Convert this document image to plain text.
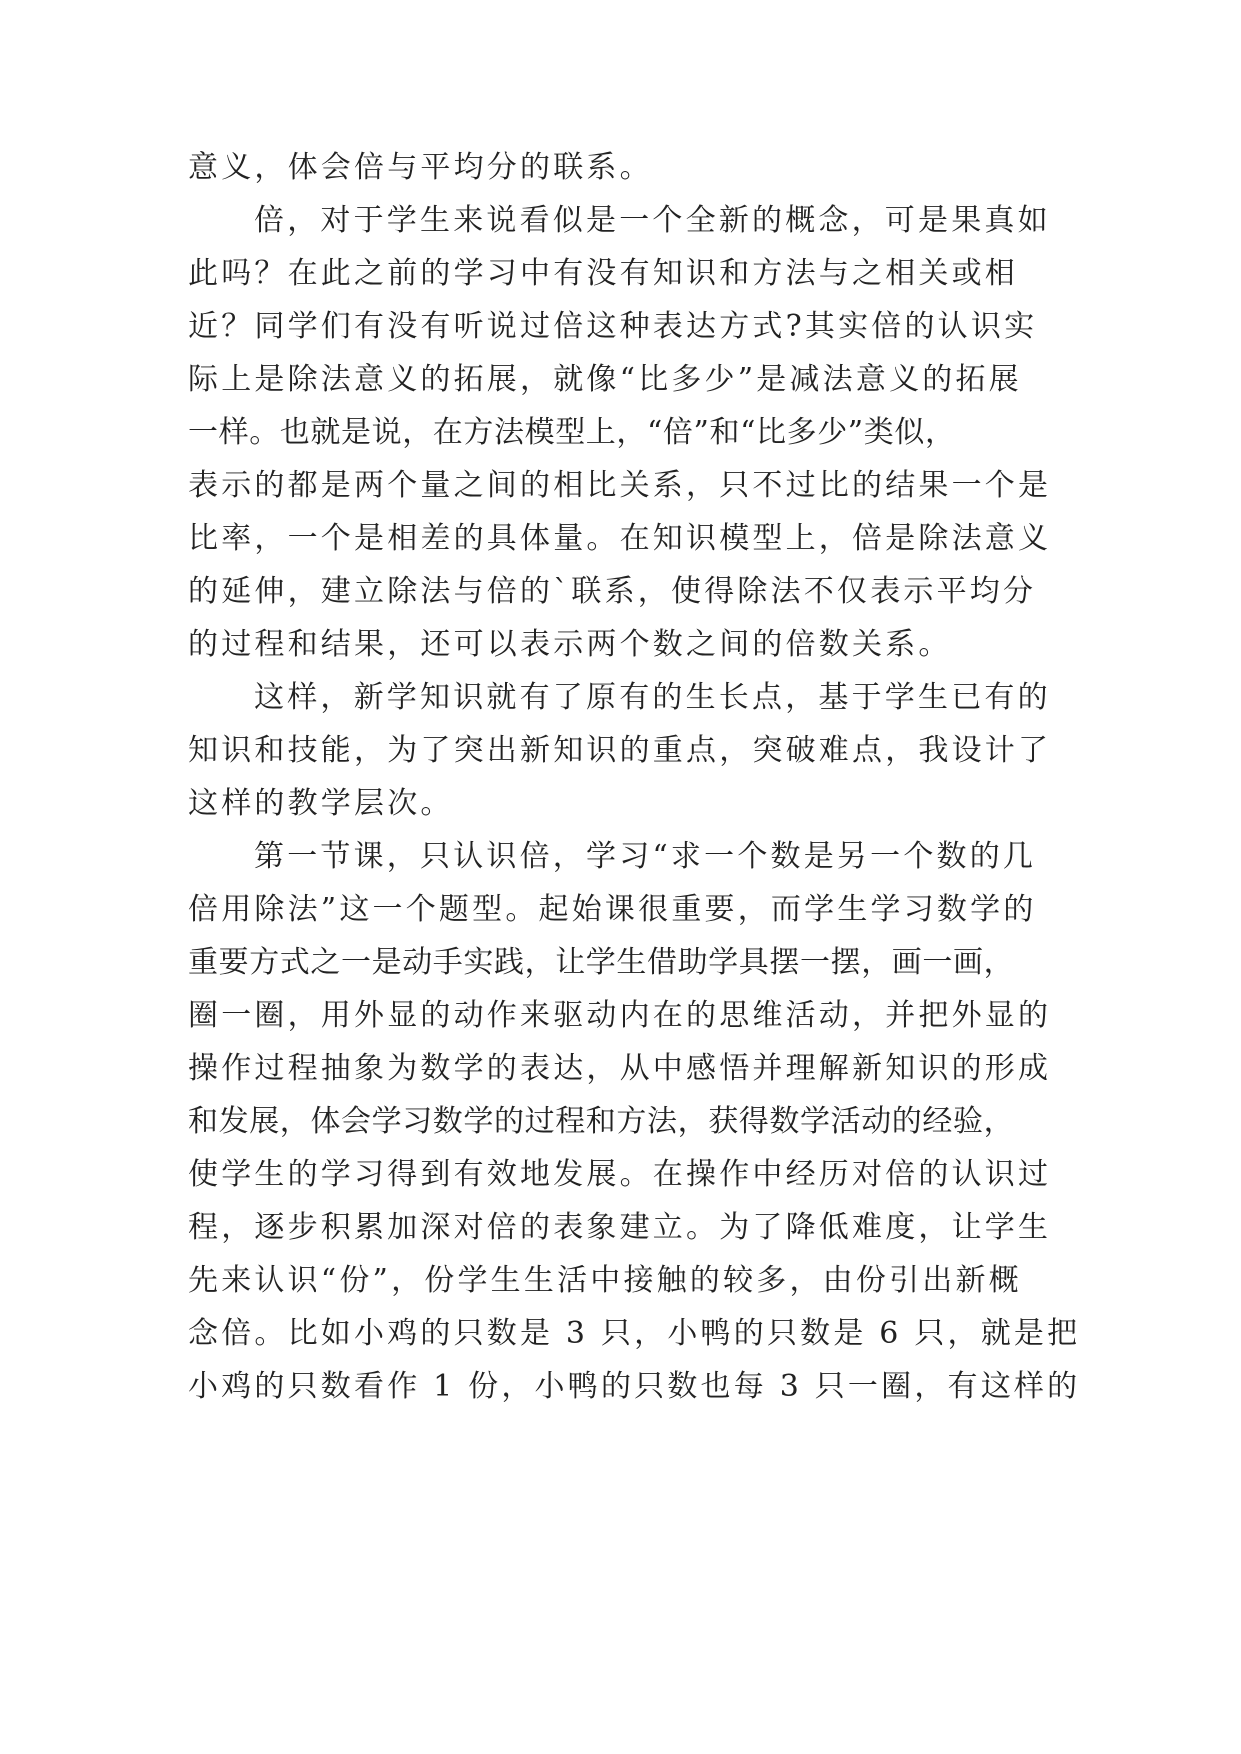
意义，体会倍与平均分的联系。
倍，对于学生来说看似是一个全新的概念，可是果真如
此吗？在此之前的学习中有没有知识和方法与之相关或相
近？同学们有没有听说过倍这种表达方式?其实倍的认识实
际上是除法意义的拓展，就像“比多少”是减法意义的拓展
一样。也就是说，在方法模型上，“倍”和“比多少”类似，
表示的都是两个量之间的相比关系，只不过比的结果一个是
比率，一个是相差的具体量。在知识模型上，倍是除法意义
的延伸，建立除法与倍的`联系，使得除法不仅表示平均分
的过程和结果，还可以表示两个数之间的倍数关系。
这样，新学知识就有了原有的生长点，基于学生已有的
知识和技能，为了突出新知识的重点，突破难点，我设计了
这样的教学层次。
第一节课，只认识倍，学习“求一个数是另一个数的几
倍用除法”这一个题型。起始课很重要，而学生学习数学的
重要方式之一是动手实践，让学生借助学具摆一摆，画一画，
圈一圈，用外显的动作来驱动内在的思维活动，并把外显的
操作过程抽象为数学的表达，从中感悟并理解新知识的形成
和发展，体会学习数学的过程和方法，获得数学活动的经验，
使学生的学习得到有效地发展。在操作中经历对倍的认识过
程，逐步积累加深对倍的表象建立。为了降低难度，让学生
先来认识“份”，份学生生活中接触的较多，由份引出新概
念倍。比如小鸡的只数是 3 只，小鸭的只数是 6 只，就是把
小鸡的只数看作 1 份，小鸭的只数也每 3 只一圈，有这样的
